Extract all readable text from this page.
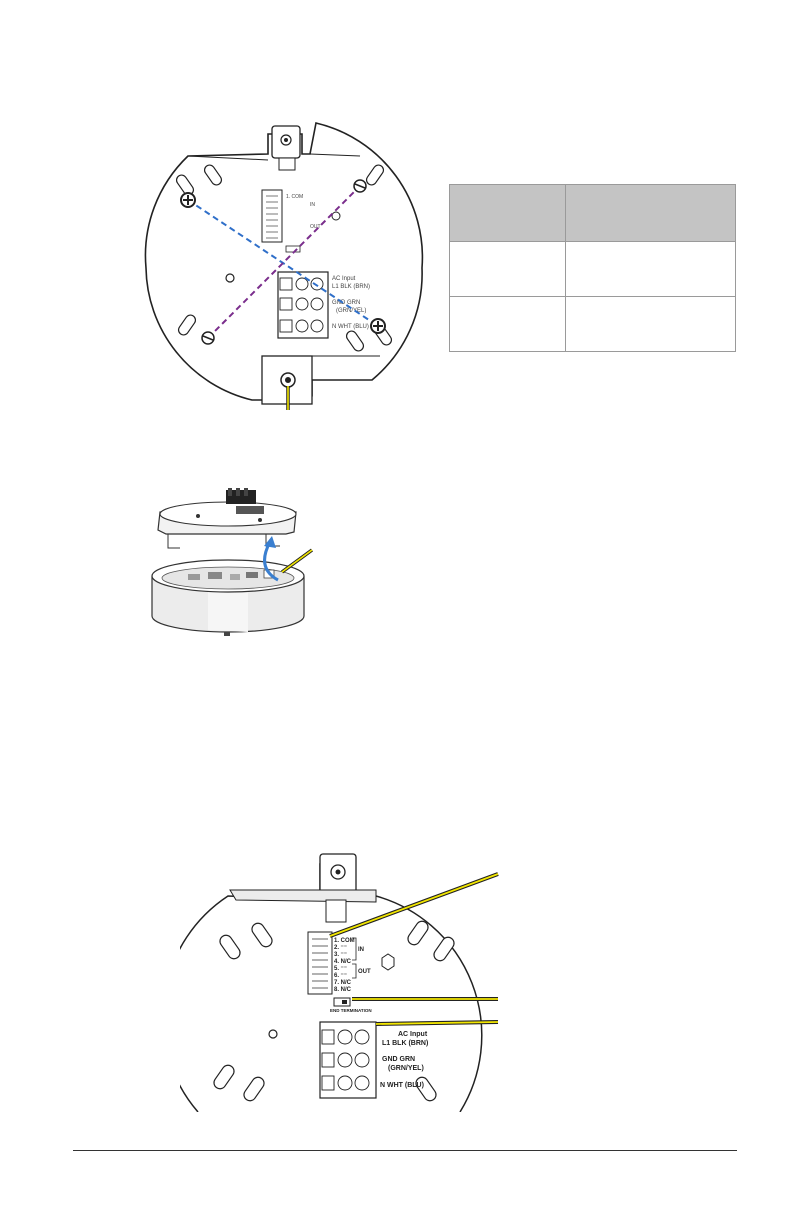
1. COM
IN
OUT
AC Input
L1 BLK (BRN)
GND GRN
(GRN/YEL)
N WHT (BLU)

1. COM
2. ⁻⁻
3. ⁻⁻
4. N/C
5. ⁻⁻
6. ⁻⁻
7. N/C
8. N/C
IN
OUT
END TERMINATION
AC Input
L1 BLK (BRN)
GND GRN
(GRN/YEL)
N WHT (BLU)
